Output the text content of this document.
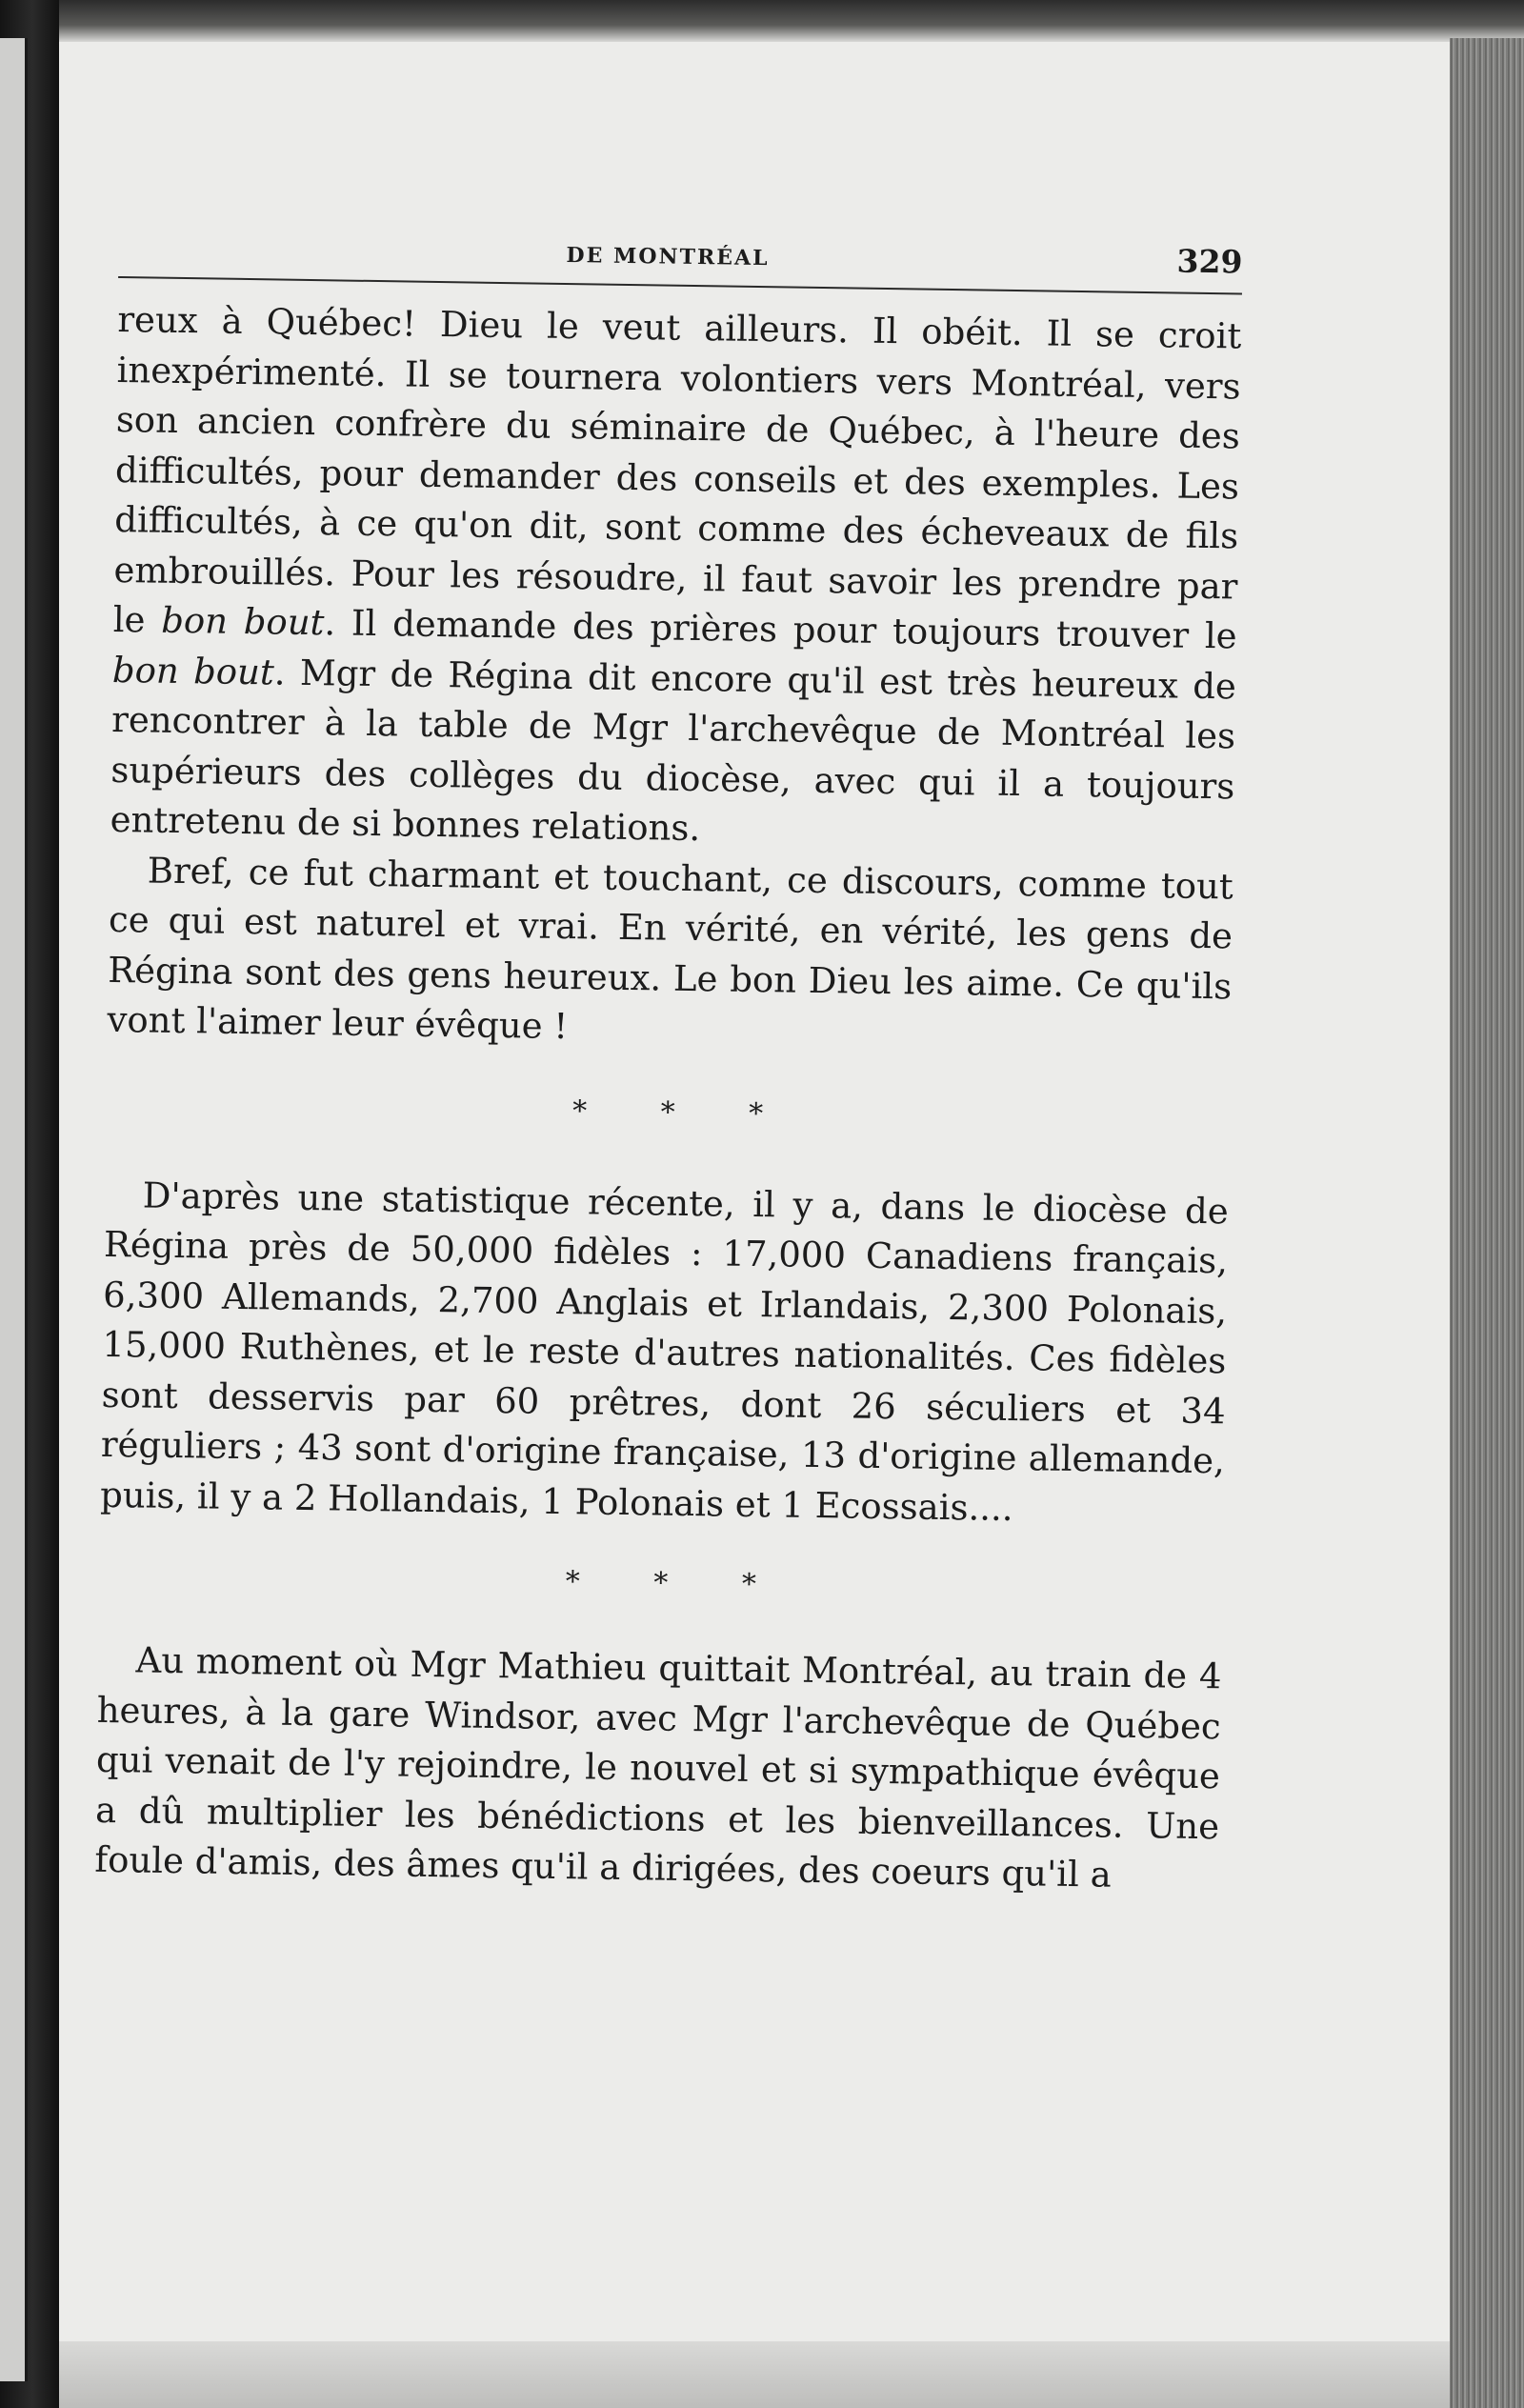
DE MONTRÉAL	329

reux à Québec! Dieu le veut ailleurs. Il obéit. Il se croit inexpérimenté. Il se tournera volontiers vers Montréal, vers son ancien confrère du séminaire de Québec, à l'heure des difficultés, pour demander des conseils et des exemples. Les difficultés, à ce qu'on dit, sont comme des écheveaux de fils embrouillés. Pour les résoudre, il faut savoir les prendre par le bon bout. Il demande des prières pour toujours trouver le bon bout. Mgr de Régina dit encore qu'il est très heureux de rencontrer à la table de Mgr l'archevêque de Montréal les supérieurs des collèges du diocèse, avec qui il a toujours entretenu de si bonnes relations.

Bref, ce fut charmant et touchant, ce discours, comme tout ce qui est naturel et vrai. En vérité, en vérité, les gens de Régina sont des gens heureux. Le bon Dieu les aime. Ce qu'ils vont l'aimer leur évêque !

* * *

D'après une statistique récente, il y a, dans le diocèse de Régina près de 50,000 fidèles : 17,000 Canadiens français, 6,300 Allemands, 2,700 Anglais et Irlandais, 2,300 Polonais, 15,000 Ruthènes, et le reste d'autres nationalités. Ces fidèles sont desservis par 60 prêtres, dont 26 séculiers et 34 réguliers ; 43 sont d'origine française, 13 d'origine allemande, puis, il y a 2 Hollandais, 1 Polonais et 1 Ecossais....

* * *

Au moment où Mgr Mathieu quittait Montréal, au train de 4 heures, à la gare Windsor, avec Mgr l'archevêque de Québec qui venait de l'y rejoindre, le nouvel et si sympathique évêque a dû multiplier les bénédictions et les bienveillances. Une foule d'amis, des âmes qu'il a dirigées, des coeurs qu'il a
